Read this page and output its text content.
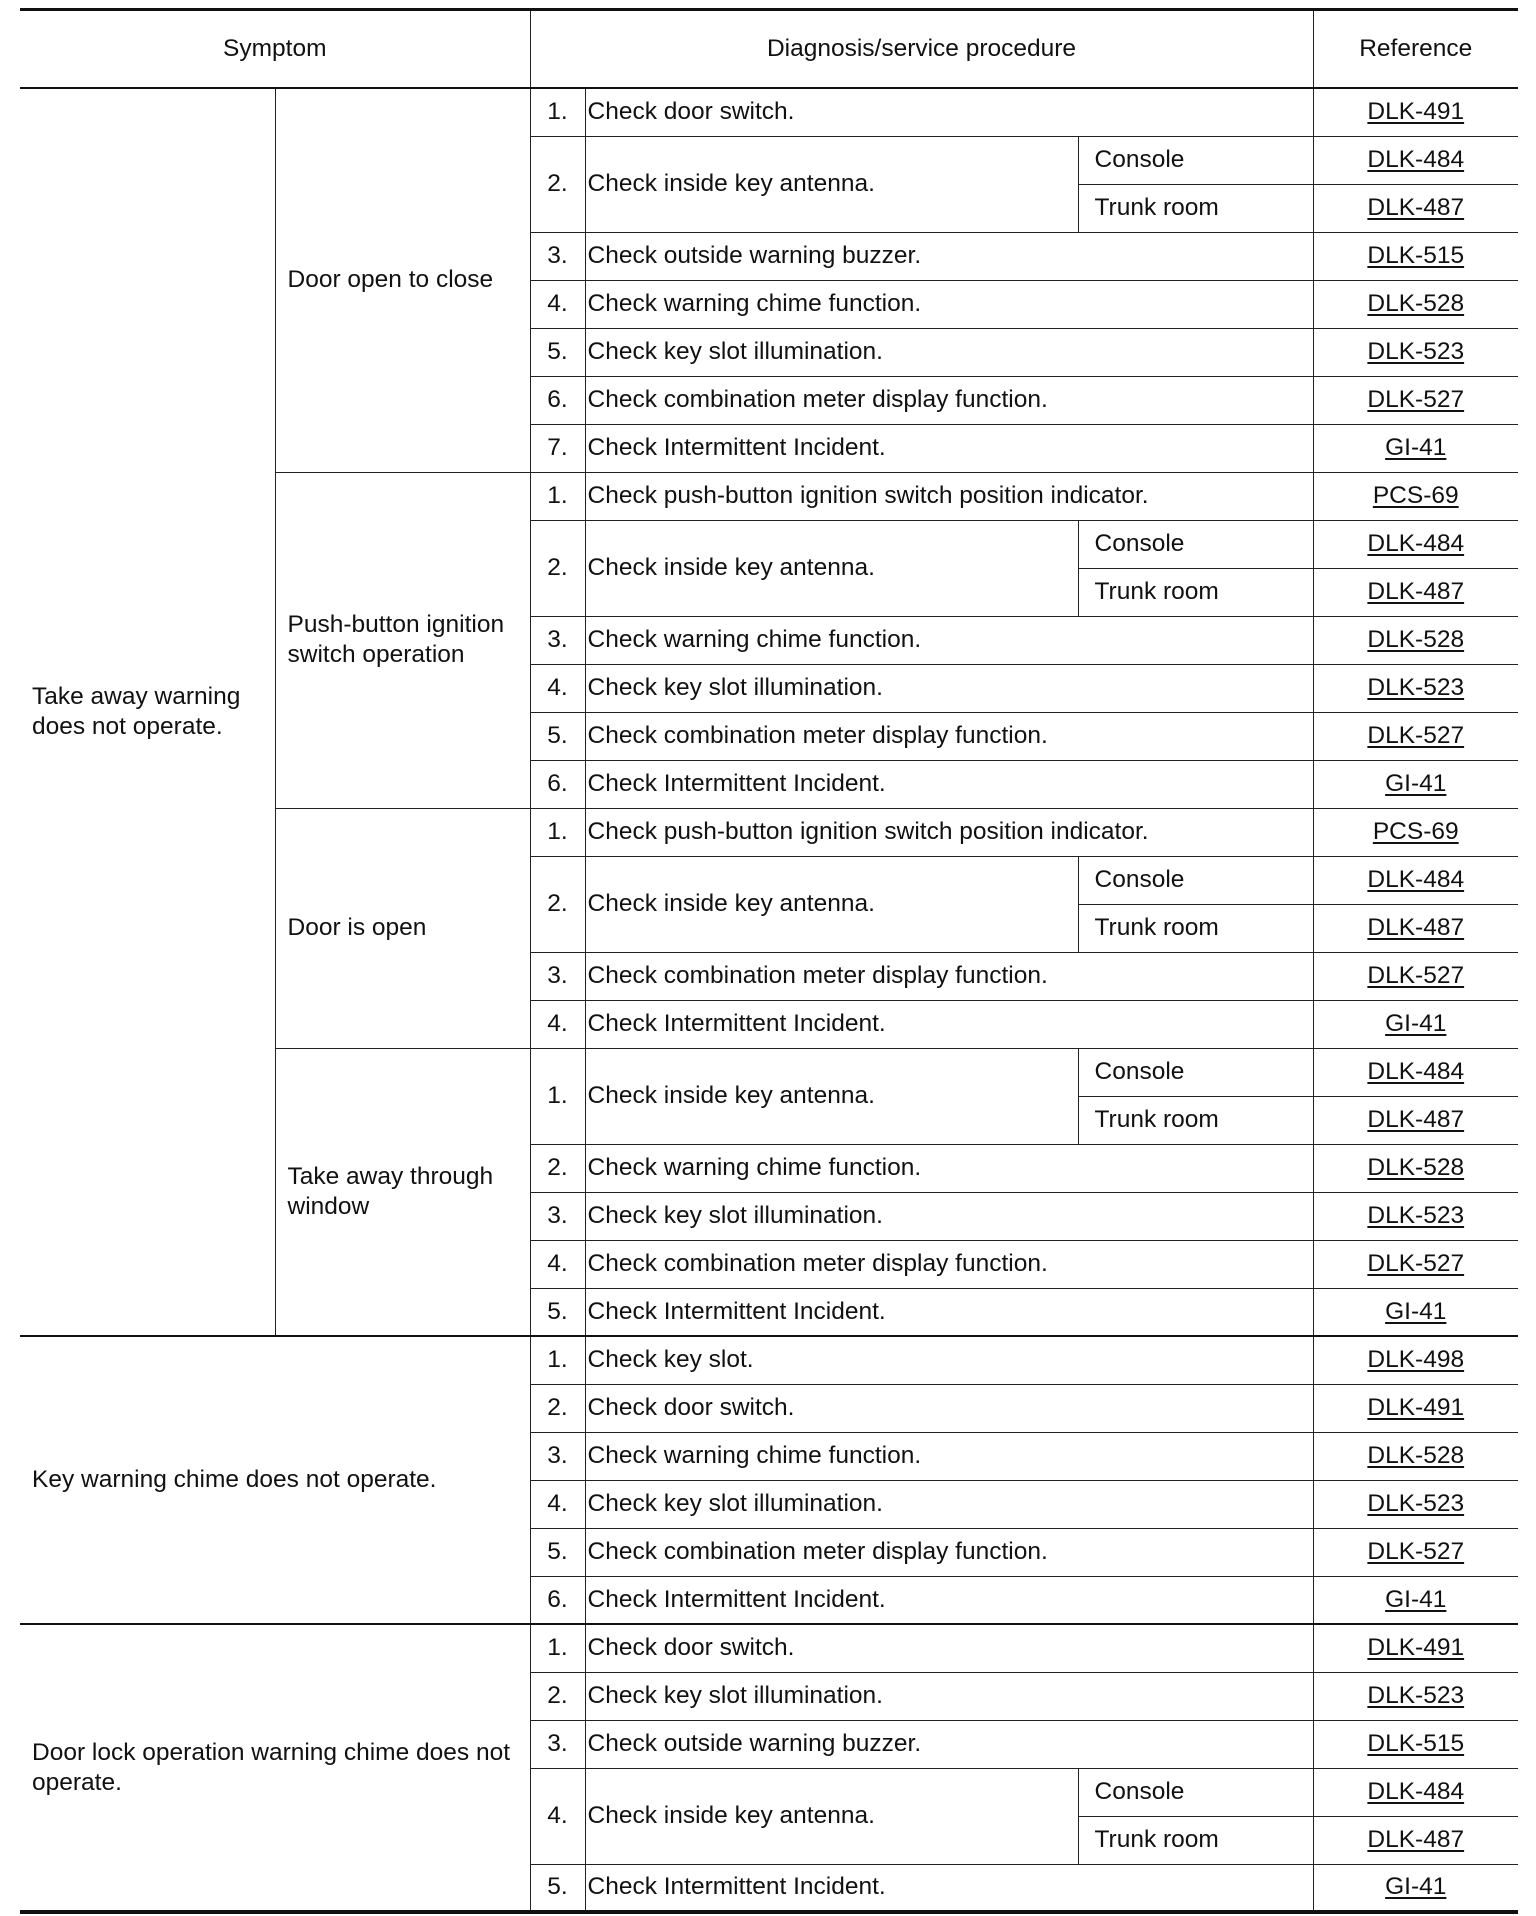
Symptom		Diagnosis/service procedure			Reference
Take away warning does not operate.	Door open to close	1.	Check door switch.		DLK-491
		2.	Check inside key antenna.	Console	DLK-484
				Trunk room	DLK-487
		3.	Check outside warning buzzer.		DLK-515
		4.	Check warning chime function.		DLK-528
		5.	Check key slot illumination.		DLK-523
		6.	Check combination meter display function.		DLK-527
		7.	Check Intermittent Incident.		GI-41
	Push-button ignition switch operation	1.	Check push-button ignition switch position indicator.		PCS-69
		2.	Check inside key antenna.	Console	DLK-484
				Trunk room	DLK-487
		3.	Check warning chime function.		DLK-528
		4.	Check key slot illumination.		DLK-523
		5.	Check combination meter display function.		DLK-527
		6.	Check Intermittent Incident.		GI-41
	Door is open	1.	Check push-button ignition switch position indicator.		PCS-69
		2.	Check inside key antenna.	Console	DLK-484
				Trunk room	DLK-487
		3.	Check combination meter display function.		DLK-527
		4.	Check Intermittent Incident.		GI-41
	Take away through window	1.	Check inside key antenna.	Console	DLK-484
				Trunk room	DLK-487
		2.	Check warning chime function.		DLK-528
		3.	Check key slot illumination.		DLK-523
		4.	Check combination meter display function.		DLK-527
		5.	Check Intermittent Incident.		GI-41
Key warning chime does not operate.		1.	Check key slot.		DLK-498
		2.	Check door switch.		DLK-491
		3.	Check warning chime function.		DLK-528
		4.	Check key slot illumination.		DLK-523
		5.	Check combination meter display function.		DLK-527
		6.	Check Intermittent Incident.		GI-41
Door lock operation warning chime does not operate.		1.	Check door switch.		DLK-491
		2.	Check key slot illumination.		DLK-523
		3.	Check outside warning buzzer.		DLK-515
		4.	Check inside key antenna.	Console	DLK-484
				Trunk room	DLK-487
		5.	Check Intermittent Incident.		GI-41
